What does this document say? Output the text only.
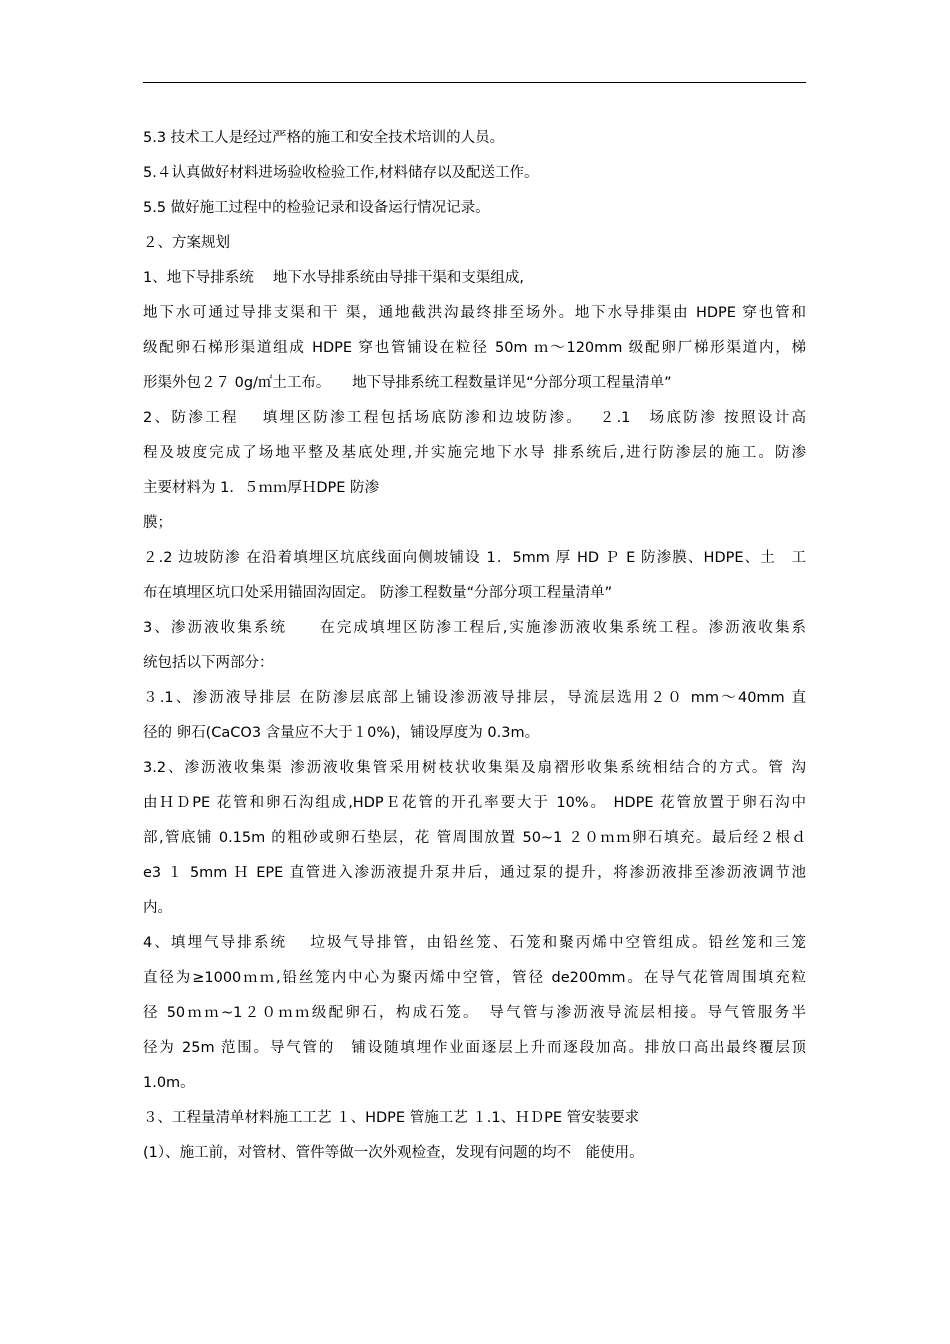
5.3 技术工人是经过严格的施工和安全技术培训的人员。
5.４认真做好材料进场验收检验工作,材料储存以及配送工作。
5.5 做好施工过程中的检验记录和设备运行情况记录。
２、方案规划
1、地下导排系统　 地下水导排系统由导排干渠和支渠组成,
地下水可通过导排支渠和干 渠，通地截洪沟最终排至场外。地下水导排渠由 HDPE 穿也管和
级配卵石梯形渠道组成 HDPE 穿也管铺设在粒径 50m ｍ～120mm 级配卵厂梯形渠道内，梯
形渠外包２７ 0g/㎡土工布。　　地下导排系统工程数量详见“分部分项工程量清单”
2、防渗工程　 填埋区防渗工程包括场底防渗和边坡防渗。　 ２.1　场底防渗 按照设计高
程及坡度完成了场地平整及基底处理,并实施完地下水导 排系统后,进行防渗层的施工。防渗
主要材料为 1．５ｍｍ厚ＨDPE 防渗
膜；
２.2 边坡防渗 在沿着填埋区坑底线面向侧坡铺设 1．5mm 厚 HD Ｐ E 防渗膜、HDPE、土　工
布在填埋区坑口处采用锚固沟固定。 防渗工程数量“分部分项工程量清单”
3、渗沥液收集系统　　在完成填埋区防渗工程后,实施渗沥液收集系统工程。渗沥液收集系
统包括以下两部分：
３.1、渗沥液导排层 在防渗层底部上铺设渗沥液导排层，导流层选用２０ mm～40mm 直
径的 卵石(CaCO3 含量应不大于１0%)，铺设厚度为 0.3m。
3.2、渗沥液收集渠 渗沥液收集管采用树枝状收集渠及扇褶形收集系统相结合的方式。管 沟
由ＨＤPE 花管和卵石沟组成,HDPＥ花管的开孔率要大于 10%。 HDPE 花管放置于卵石沟中
部,管底铺 0.15m 的粗砂或卵石垫层，花 管周围放置 50~1 ２０ｍｍ卵石填充。最后经２根ｄ
e3 １ 5mm Ｈ EPE 直管进入渗沥液提升泵井后，通过泵的提升，将渗沥液排至渗沥液调节池
内。
4、填埋气导排系统　 垃圾气导排管，由铅丝笼、石笼和聚丙烯中空管组成。铅丝笼和三笼
直径为≥1000ｍｍ,铅丝笼内中心为聚丙烯中空管，管径 de200mm。在导气花管周围填充粒
径 50ｍｍ~1２０ｍｍ级配卵石，构成石笼。　导气管与渗沥液导流层相接。导气管服务半
径为 25m 范围。导气管的　铺设随填埋作业面逐层上升而逐段加高。排放口高出最终覆层顶
1.0m。
３、工程量清单材料施工工艺 １、HDPE 管施工艺 １.1、ＨＤPE 管安装要求
(1）、施工前，对管材、管件等做一次外观检查，发现有问题的均不　能使用。
